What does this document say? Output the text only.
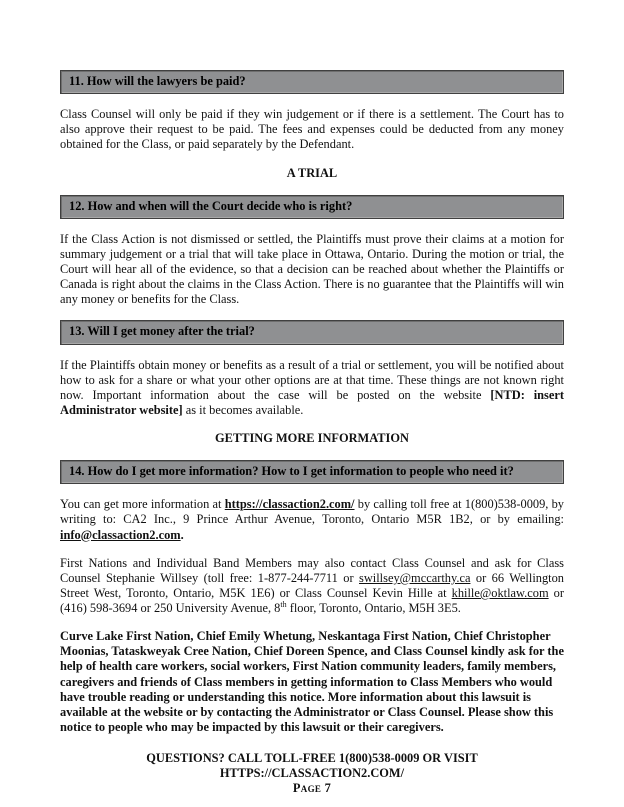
11. How will the lawyers be paid?

Class Counsel will only be paid if they win judgement or if there is a settlement. The Court has to also approve their request to be paid. The fees and expenses could be deducted from any money obtained for the Class, or paid separately by the Defendant.

A TRIAL
12. How and when will the Court decide who is right?

If the Class Action is not dismissed or settled, the Plaintiffs must prove their claims at a motion for summary judgement or a trial that will take place in Ottawa, Ontario. During the motion or trial, the Court will hear all of the evidence, so that a decision can be reached about whether the Plaintiffs or Canada is right about the claims in the Class Action. There is no guarantee that the Plaintiffs will win any money or benefits for the Class.

13. Will I get money after the trial?

If the Plaintiffs obtain money or benefits as a result of a trial or settlement, you will be notified about how to ask for a share or what your other options are at that time. These things are not known right now. Important information about the case will be posted on the website [NTD: insert Administrator website] as it becomes available.

GETTING MORE INFORMATION
14. How do I get more information? How to I get information to people who need it?

You can get more information at https://classaction2.com/ by calling toll free at 1(800)538-0009, by writing to: CA2 Inc., 9 Prince Arthur Avenue, Toronto, Ontario M5R 1B2, or by emailing: info@classaction2.com.

First Nations and Individual Band Members may also contact Class Counsel and ask for Class Counsel Stephanie Willsey (toll free: 1-877-244-7711 or swillsey@mccarthy.ca or 66 Wellington Street West, Toronto, Ontario, M5K 1E6) or Class Counsel Kevin Hille at khille@oktlaw.com or (416) 598-3694 or 250 University Avenue, 8th floor, Toronto, Ontario, M5H 3E5.

Curve Lake First Nation, Chief Emily Whetung, Neskantaga First Nation, Chief Christopher Moonias, Tataskweyak Cree Nation, Chief Doreen Spence, and Class Counsel kindly ask for the help of health care workers, social workers, First Nation community leaders, family members, caregivers and friends of Class members in getting information to Class Members who would have trouble reading or understanding this notice. More information about this lawsuit is available at the website or by contacting the Administrator or Class Counsel. Please show this notice to people who may be impacted by this lawsuit or their caregivers.

QUESTIONS? CALL TOLL-FREE 1(800)538-0009 OR VISIT
HTTPS://CLASSACTION2.COM/
Page 7
